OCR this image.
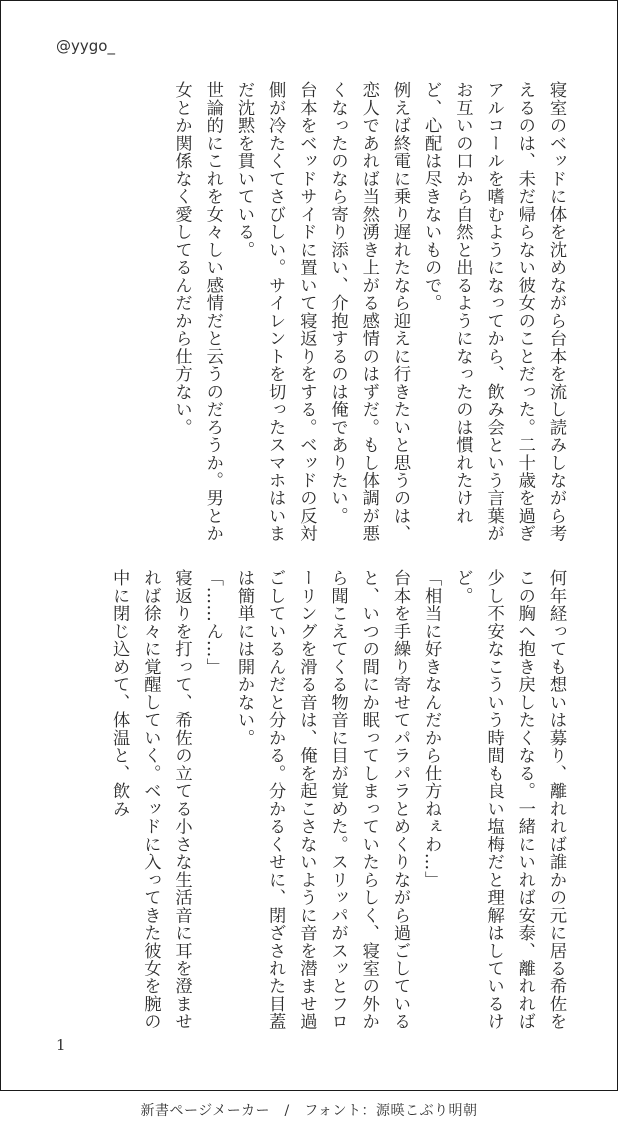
@yygo_

寝室のベッドに体を沈めながら台本を流し読みしながら考えるのは、未だ帰らない彼女のことだった。二十歳を過ぎアルコールを嗜むようになってから、飲み会という言葉がお互いの口から自然と出るようになったのは慣れたけれど、心配は尽きないもので。

例えば終電に乗り遅れたなら迎えに行きたいと思うのは、恋人であれば当然湧き上がる感情のはずだ。もし体調が悪くなったのなら寄り添い、介抱するのは俺でありたい。

台本をベッドサイドに置いて寝返りをする。ベッドの反対側が冷たくてさびしい。サイレントを切ったスマホはいまだ沈黙を貫いている。

世論的にこれを女々しい感情だと云うのだろうか。男とか女とか関係なく愛してるんだから仕方ない。

何年経っても想いは募り、離れれば誰かの元に居る希佐をこの胸へ抱き戻したくなる。一緒にいれば安泰、離れれば少し不安なこういう時間も良い塩梅だと理解はしているけど。

「相当に好きなんだから仕方ねぇわ…」

台本を手繰り寄せてパラパラとめくりながら過ごしていると、いつの間にか眠ってしまっていたらしく、寝室の外から聞こえてくる物音に目が覚めた。スリッパがスッとフローリングを滑る音は、俺を起こさないように音を潜ませ過ごしているんだと分かる。分かるくせに、閉ざされた目蓋は簡単には開かない。

「……ん…」

寝返りを打って、希佐の立てる小さな生活音に耳を澄ませれば徐々に覚醒していく。ベッドに入ってきた彼女を腕の中に閉じ込めて、体温と、飲み

1
新書ページメーカー　/　フォント：源暎こぶり明朝
